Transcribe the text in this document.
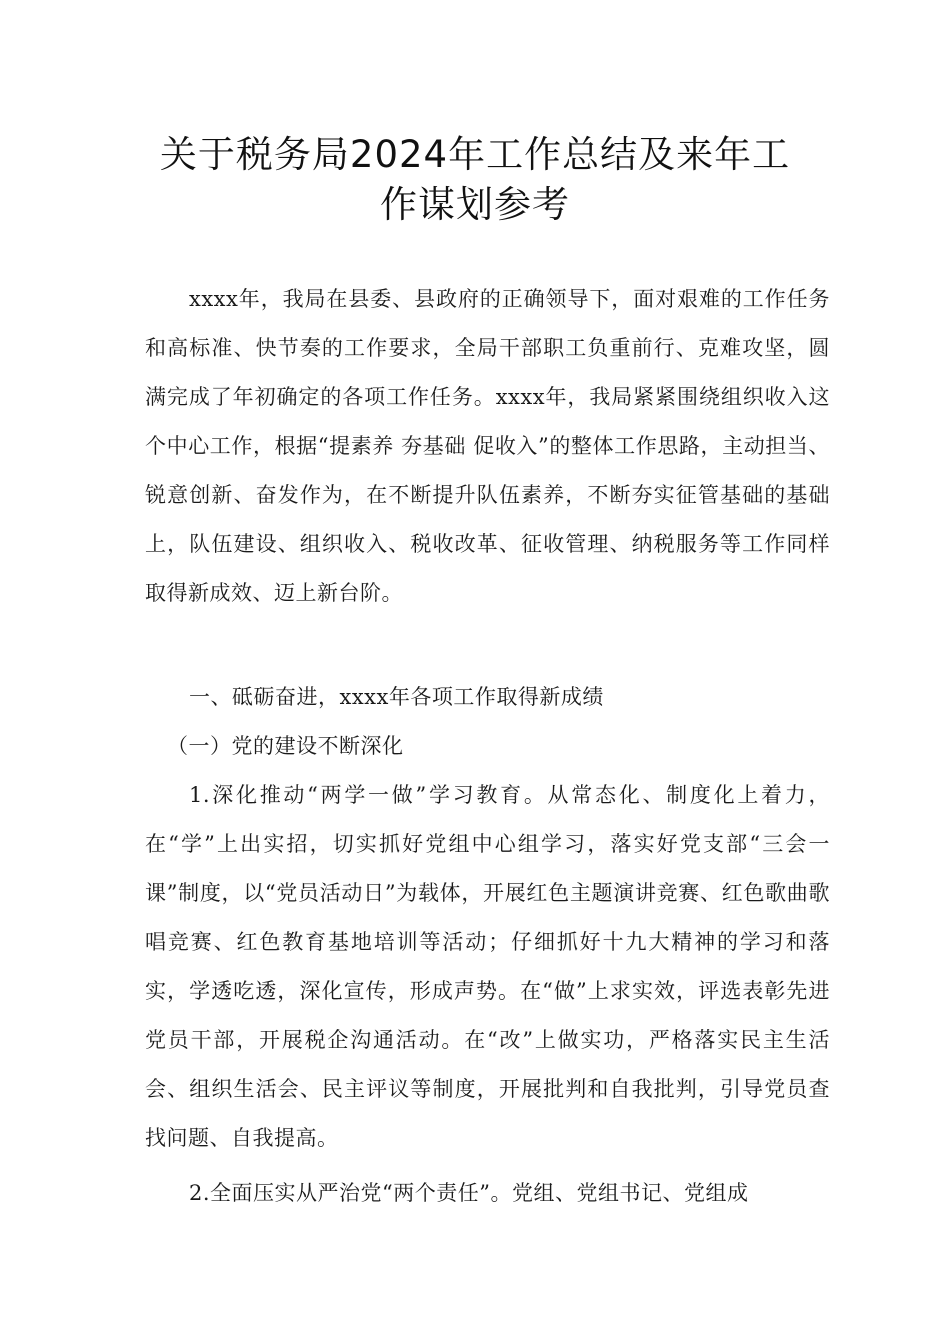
关于税务局2024年工作总结及来年工
作谋划参考

xxxx年，我局在县委、县政府的正确领导下，面对艰难的工作任务和高标准、快节奏的工作要求，全局干部职工负重前行、克难攻坚，圆满完成了年初确定的各项工作任务。xxxx年，我局紧紧围绕组织收入这个中心工作，根据“提素养 夯基础 促收入”的整体工作思路，主动担当、锐意创新、奋发作为，在不断提升队伍素养，不断夯实征管基础的基础上，队伍建设、组织收入、税收改革、征收管理、纳税服务等工作同样取得新成效、迈上新台阶。

一、砥砺奋进，xxxx年各项工作取得新成绩

（一）党的建设不断深化

1.深化推动“两学一做”学习教育。从常态化、制度化上着力，在“学”上出实招，切实抓好党组中心组学习，落实好党支部“三会一课”制度，以“党员活动日”为载体，开展红色主题演讲竞赛、红色歌曲歌唱竞赛、红色教育基地培训等活动；仔细抓好十九大精神的学习和落实，学透吃透，深化宣传，形成声势。在“做”上求实效，评选表彰先进党员干部，开展税企沟通活动。在“改”上做实功，严格落实民主生活会、组织生活会、民主评议等制度，开展批判和自我批判，引导党员查找问题、自我提高。

2.全面压实从严治党“两个责任”。党组、党组书记、党组成
